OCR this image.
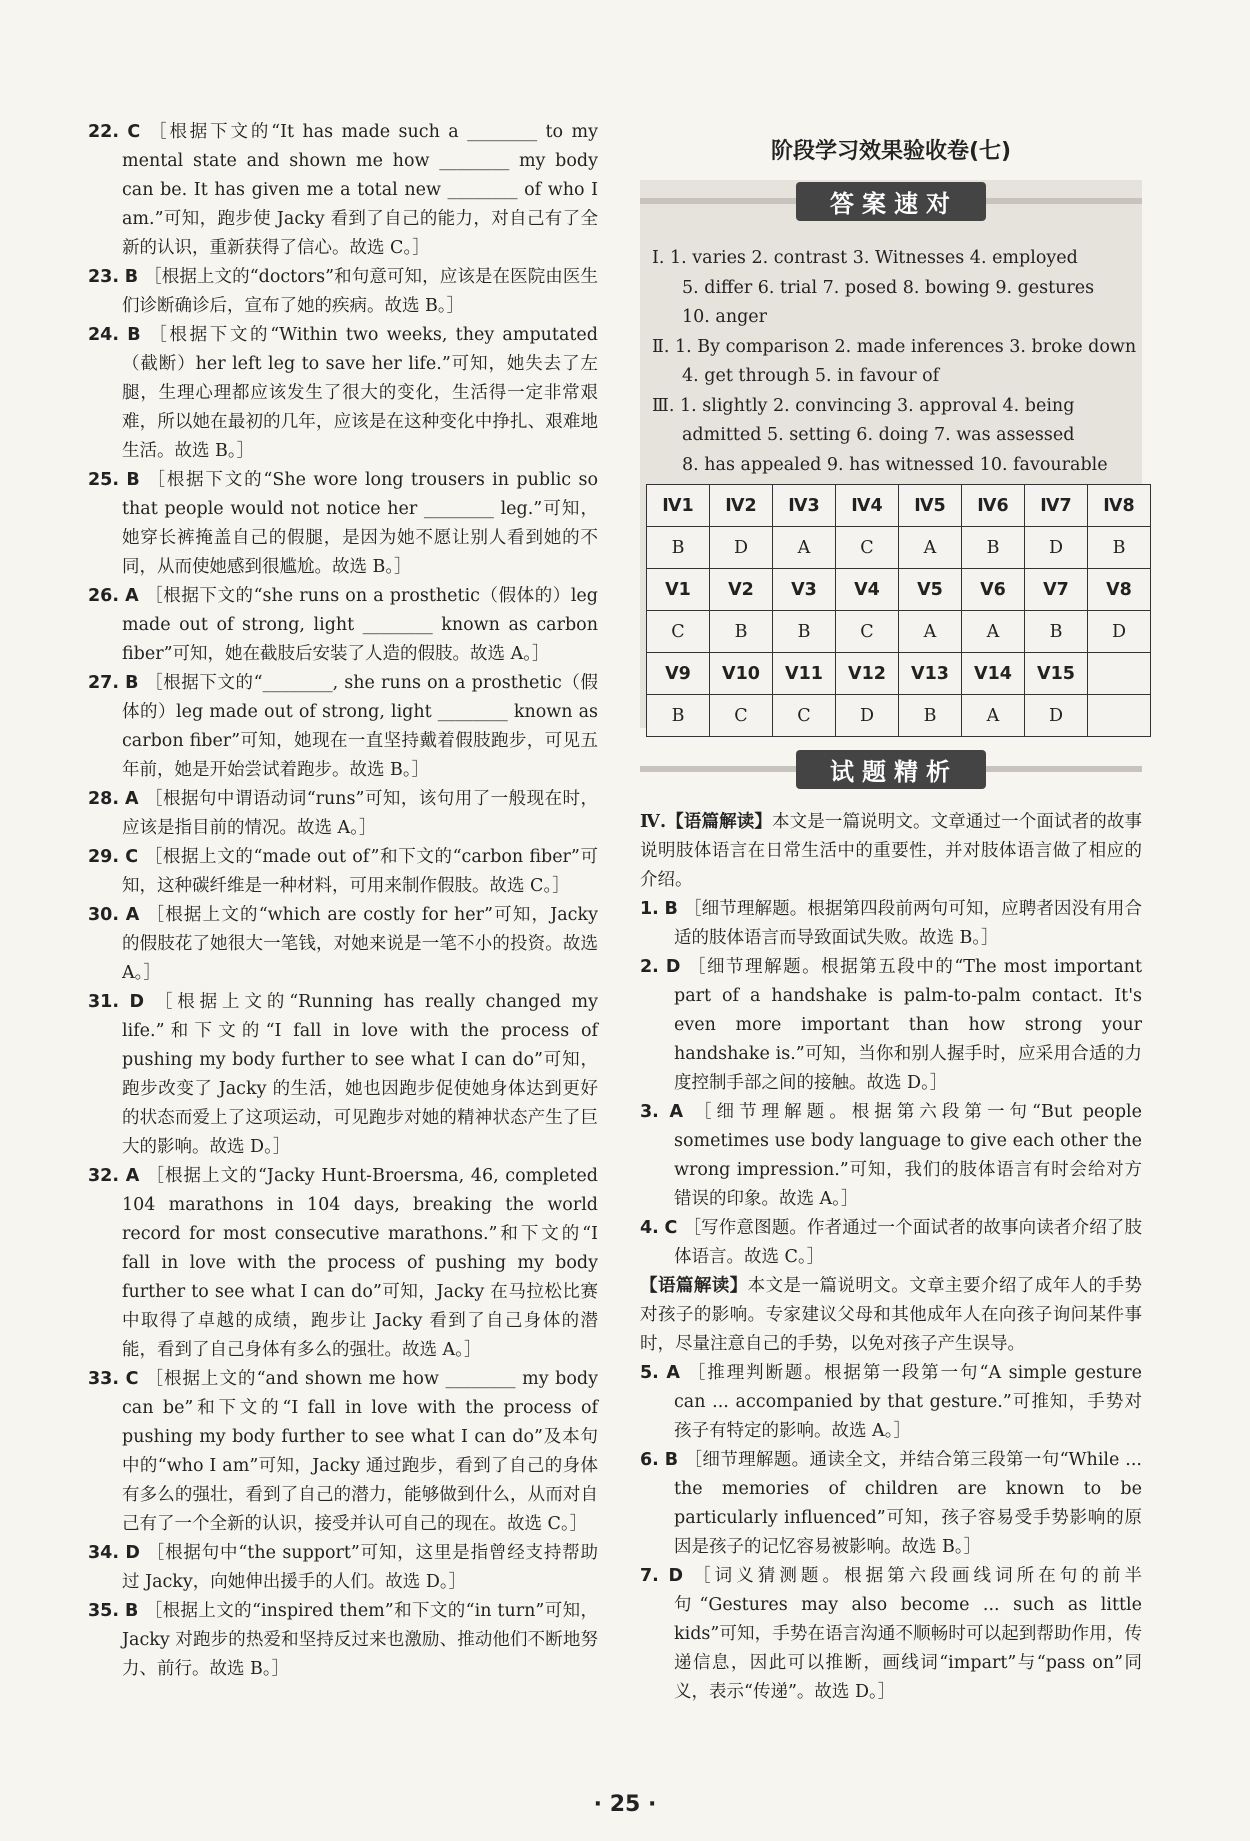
22. C ［根据下文的“It has made such a ________ to my mental state and shown me how ________ my body can be. It has given me a total new ________ of who I am.”可知，跑步使 Jacky 看到了自己的能力，对自己有了全新的认识，重新获得了信心。故选 C。］

23. B ［根据上文的“doctors”和句意可知，应该是在医院由医生们诊断确诊后，宣布了她的疾病。故选 B。］

24. B ［根据下文的“Within two weeks, they amputated（截断）her left leg to save her life.”可知，她失去了左腿，生理心理都应该发生了很大的变化，生活得一定非常艰难，所以她在最初的几年，应该是在这种变化中挣扎、艰难地生活。故选 B。］

25. B ［根据下文的“She wore long trousers in public so that people would not notice her ________ leg.”可知，她穿长裤掩盖自己的假腿，是因为她不愿让别人看到她的不同，从而使她感到很尴尬。故选 B。］

26. A ［根据下文的“she runs on a prosthetic（假体的）leg made out of strong, light ________ known as carbon fiber”可知，她在截肢后安装了人造的假肢。故选 A。］

27. B ［根据下文的“________, she runs on a prosthetic（假体的）leg made out of strong, light ________ known as carbon fiber”可知，她现在一直坚持戴着假肢跑步，可见五年前，她是开始尝试着跑步。故选 B。］

28. A ［根据句中谓语动词“runs”可知，该句用了一般现在时，应该是指目前的情况。故选 A。］

29. C ［根据上文的“made out of”和下文的“carbon fiber”可知，这种碳纤维是一种材料，可用来制作假肢。故选 C。］

30. A ［根据上文的“which are costly for her”可知，Jacky 的假肢花了她很大一笔钱，对她来说是一笔不小的投资。故选 A。］

31. D ［根据上文的“Running has really changed my life.”和下文的“I fall in love with the process of pushing my body further to see what I can do”可知，跑步改变了 Jacky 的生活，她也因跑步促使她身体达到更好的状态而爱上了这项运动，可见跑步对她的精神状态产生了巨大的影响。故选 D。］

32. A ［根据上文的“Jacky Hunt-Broersma, 46, completed 104 marathons in 104 days, breaking the world record for most consecutive marathons.”和下文的“I fall in love with the process of pushing my body further to see what I can do”可知，Jacky 在马拉松比赛中取得了卓越的成绩，跑步让 Jacky 看到了自己身体的潜能，看到了自己身体有多么的强壮。故选 A。］

33. C ［根据上文的“and shown me how ________ my body can be”和下文的“I fall in love with the process of pushing my body further to see what I can do”及本句中的“who I am”可知，Jacky 通过跑步，看到了自己的身体有多么的强壮，看到了自己的潜力，能够做到什么，从而对自己有了一个全新的认识，接受并认可自己的现在。故选 C。］

34. D ［根据句中“the support”可知，这里是指曾经支持帮助过 Jacky，向她伸出援手的人们。故选 D。］

35. B ［根据上文的“inspired them”和下文的“in turn”可知，Jacky 对跑步的热爱和坚持反过来也激励、推动他们不断地努力、前行。故选 B。］

阶段学习效果验收卷(七)
答案速对
Ⅰ. 1. varies 2. contrast 3. Witnesses 4. employed
5. differ 6. trial 7. posed 8. bowing 9. gestures
10. anger
Ⅱ. 1. By comparison 2. made inferences 3. broke down
4. get through 5. in favour of
Ⅲ. 1. slightly 2. convincing 3. approval 4. being
admitted 5. setting 6. doing 7. was assessed
8. has appealed 9. has witnessed 10. favourable
Ⅳ1	Ⅳ2	Ⅳ3	Ⅳ4	Ⅳ5	Ⅳ6	Ⅳ7	Ⅳ8
B	D	A	C	A	B	D	B
Ⅴ1	Ⅴ2	Ⅴ3	Ⅴ4	Ⅴ5	Ⅴ6	Ⅴ7	Ⅴ8
C	B	B	C	A	A	B	D
Ⅴ9	Ⅴ10	Ⅴ11	Ⅴ12	Ⅴ13	Ⅴ14	Ⅴ15	
B	C	C	D	B	A	D	
试题精析

Ⅳ.【语篇解读】本文是一篇说明文。文章通过一个面试者的故事说明肢体语言在日常生活中的重要性，并对肢体语言做了相应的介绍。

1. B ［细节理解题。根据第四段前两句可知，应聘者因没有用合适的肢体语言而导致面试失败。故选 B。］

2. D ［细节理解题。根据第五段中的“The most important part of a handshake is palm-to-palm contact. It's even more important than how strong your handshake is.”可知，当你和别人握手时，应采用合适的力度控制手部之间的接触。故选 D。］

3. A ［细节理解题。根据第六段第一句“But people sometimes use body language to give each other the wrong impression.”可知，我们的肢体语言有时会给对方错误的印象。故选 A。］

4. C ［写作意图题。作者通过一个面试者的故事向读者介绍了肢体语言。故选 C。］

【语篇解读】本文是一篇说明文。文章主要介绍了成年人的手势对孩子的影响。专家建议父母和其他成年人在向孩子询问某件事时，尽量注意自己的手势，以免对孩子产生误导。

5. A ［推理判断题。根据第一段第一句“A simple gesture can ... accompanied by that gesture.”可推知，手势对孩子有特定的影响。故选 A。］

6. B ［细节理解题。通读全文，并结合第三段第一句“While ... the memories of children are known to be particularly influenced”可知，孩子容易受手势影响的原因是孩子的记忆容易被影响。故选 B。］

7. D ［词义猜测题。根据第六段画线词所在句的前半句“Gestures may also become ... such as little kids”可知，手势在语言沟通不顺畅时可以起到帮助作用，传递信息，因此可以推断，画线词“impart”与“pass on”同义，表示“传递”。故选 D。］

· 25 ·
